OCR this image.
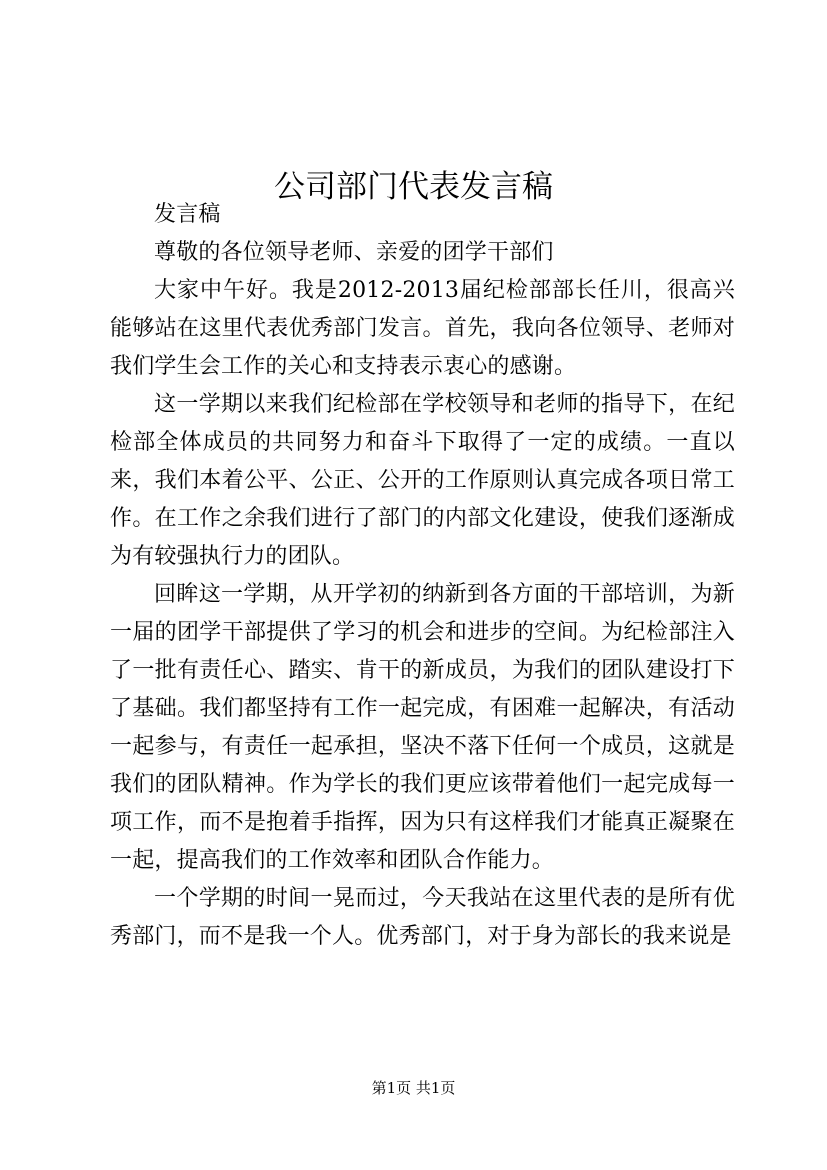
公司部门代表发言稿

发言稿

尊敬的各位领导老师、亲爱的团学干部们

大家中午好。我是2012-2013届纪检部部长任川，很高兴能够站在这里代表优秀部门发言。首先，我向各位领导、老师对我们学生会工作的关心和支持表示衷心的感谢。

这一学期以来我们纪检部在学校领导和老师的指导下，在纪检部全体成员的共同努力和奋斗下取得了一定的成绩。一直以来，我们本着公平、公正、公开的工作原则认真完成各项日常工作。在工作之余我们进行了部门的内部文化建设，使我们逐渐成为有较强执行力的团队。

回眸这一学期，从开学初的纳新到各方面的干部培训，为新一届的团学干部提供了学习的机会和进步的空间。为纪检部注入了一批有责任心、踏实、肯干的新成员，为我们的团队建设打下了基础。我们都坚持有工作一起完成，有困难一起解决，有活动一起参与，有责任一起承担，坚决不落下任何一个成员，这就是我们的团队精神。作为学长的我们更应该带着他们一起完成每一项工作，而不是抱着手指挥，因为只有这样我们才能真正凝聚在一起，提高我们的工作效率和团队合作能力。

一个学期的时间一晃而过，今天我站在这里代表的是所有优秀部门，而不是我一个人。优秀部门，对于身为部长的我来说是

第1页 共1页
